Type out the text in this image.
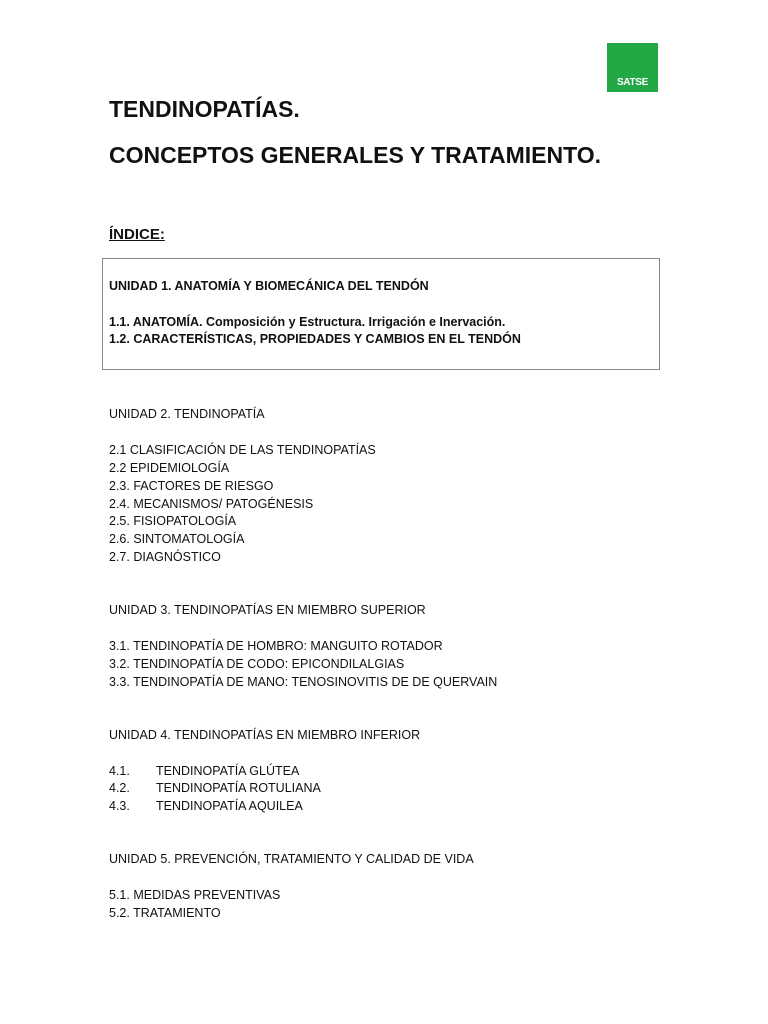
SATSE
TENDINOPATÍAS.
CONCEPTOS GENERALES Y TRATAMIENTO.
ÍNDICE:
UNIDAD 1. ANATOMÍA Y BIOMECÁNICA DEL TENDÓN
1.1. ANATOMÍA. Composición y Estructura. Irrigación e Inervación.
1.2. CARACTERÍSTICAS, PROPIEDADES Y CAMBIOS EN EL TENDÓN
UNIDAD 2. TENDINOPATÍA
2.1 CLASIFICACIÓN DE LAS TENDINOPATÍAS
2.2 EPIDEMIOLOGÍA
2.3. FACTORES DE RIESGO
2.4. MECANISMOS/ PATOGÉNESIS
2.5. FISIOPATOLOGÍA
2.6. SINTOMATOLOGÍA
2.7. DIAGNÓSTICO
UNIDAD 3. TENDINOPATÍAS EN MIEMBRO SUPERIOR
3.1. TENDINOPATÍA DE HOMBRO: MANGUITO ROTADOR
3.2. TENDINOPATÍA DE CODO: EPICONDILALGIAS
3.3. TENDINOPATÍA DE MANO: TENOSINOVITIS DE DE QUERVAIN
UNIDAD 4. TENDINOPATÍAS EN MIEMBRO INFERIOR
4.1. TENDINOPATÍA GLÚTEA
4.2. TENDINOPATÍA ROTULIANA
4.3. TENDINOPATÍA AQUILEA
UNIDAD 5. PREVENCIÓN, TRATAMIENTO Y CALIDAD DE VIDA
5.1. MEDIDAS PREVENTIVAS
5.2. TRATAMIENTO
